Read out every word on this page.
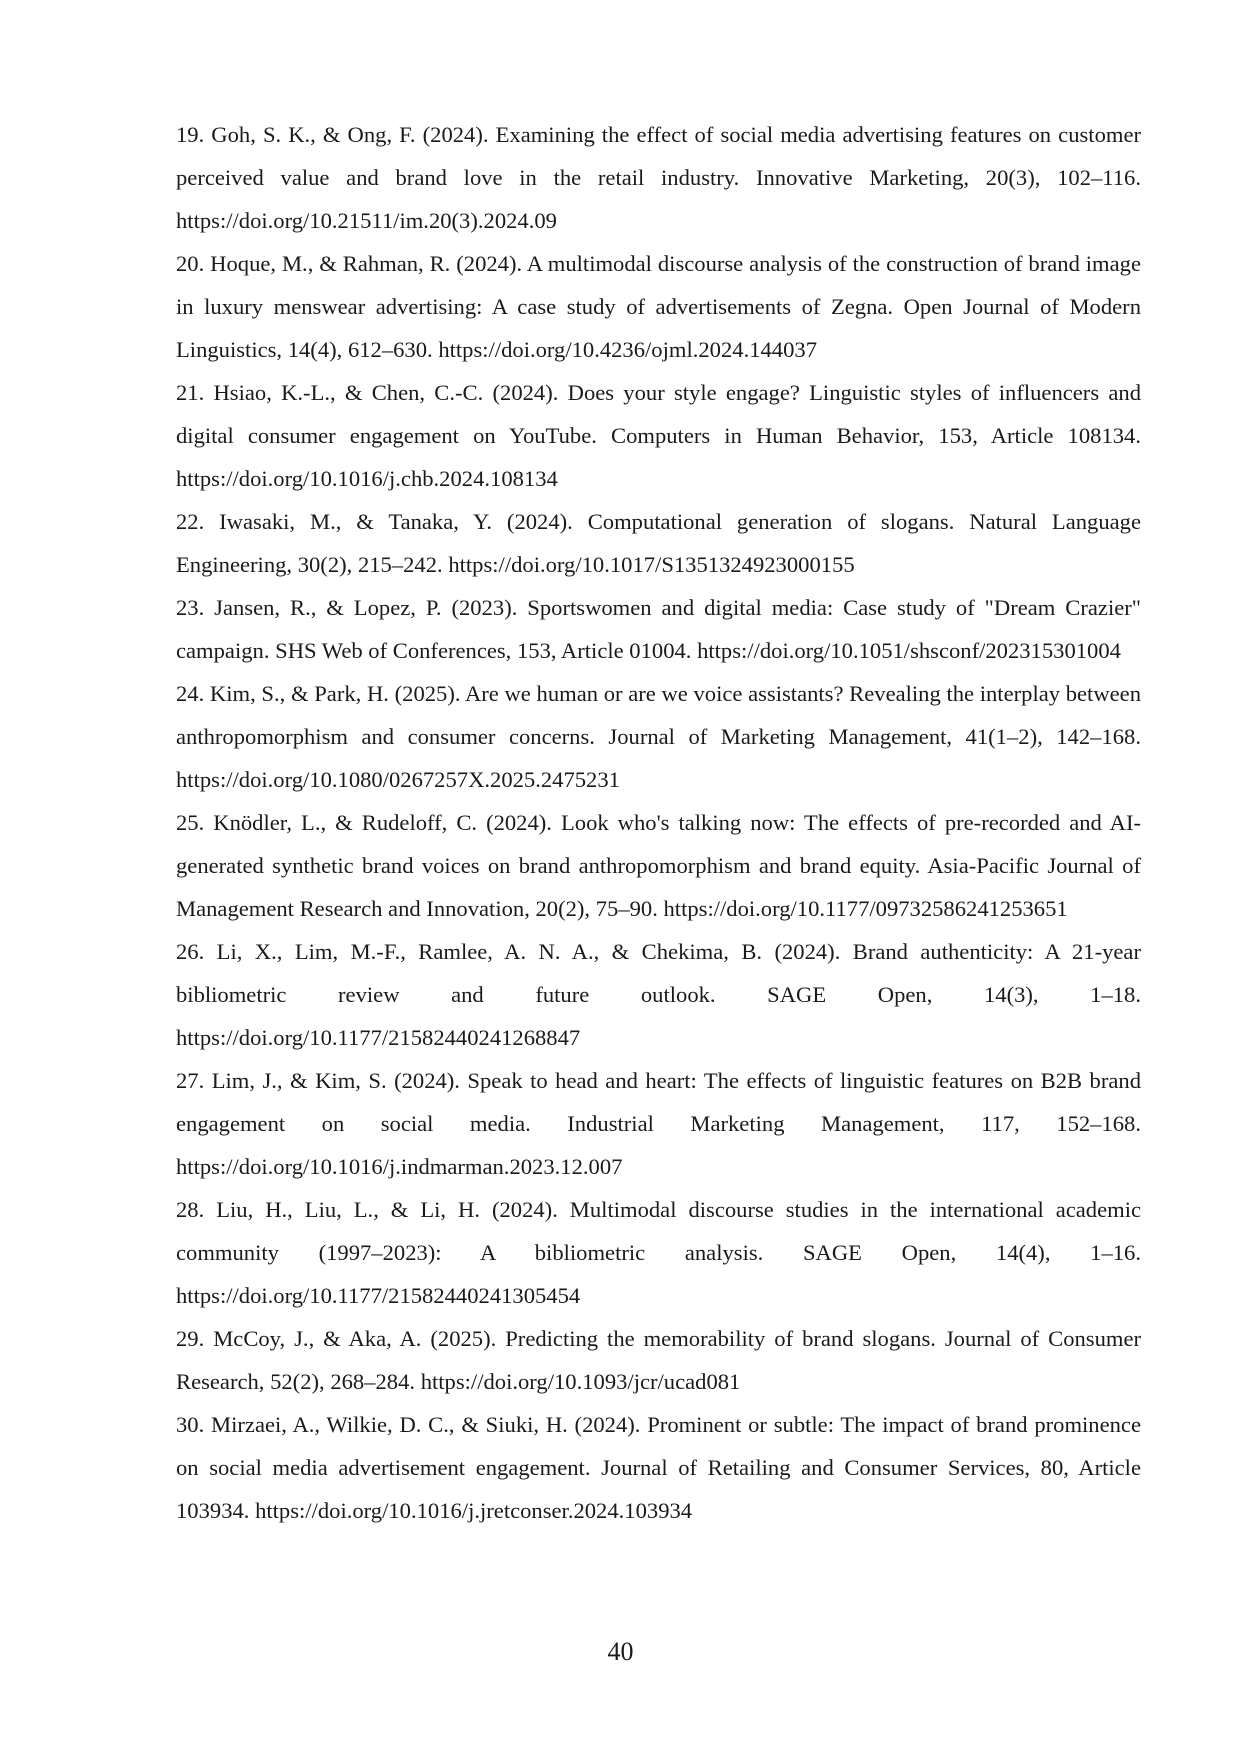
19. Goh, S. K., & Ong, F. (2024). Examining the effect of social media advertising features on customer perceived value and brand love in the retail industry. Innovative Marketing, 20(3), 102–116. https://doi.org/10.21511/im.20(3).2024.09

20. Hoque, M., & Rahman, R. (2024). A multimodal discourse analysis of the construction of brand image in luxury menswear advertising: A case study of advertisements of Zegna. Open Journal of Modern Linguistics, 14(4), 612–630. https://doi.org/10.4236/ojml.2024.144037

21. Hsiao, K.-L., & Chen, C.-C. (2024). Does your style engage? Linguistic styles of influencers and digital consumer engagement on YouTube. Computers in Human Behavior, 153, Article 108134. https://doi.org/10.1016/j.chb.2024.108134

22. Iwasaki, M., & Tanaka, Y. (2024). Computational generation of slogans. Natural Language Engineering, 30(2), 215–242. https://doi.org/10.1017/S1351324923000155

23. Jansen, R., & Lopez, P. (2023). Sportswomen and digital media: Case study of "Dream Crazier" campaign. SHS Web of Conferences, 153, Article 01004. https://doi.org/10.1051/shsconf/202315301004

24. Kim, S., & Park, H. (2025). Are we human or are we voice assistants? Revealing the interplay between anthropomorphism and consumer concerns. Journal of Marketing Management, 41(1–2), 142–168. https://doi.org/10.1080/0267257X.2025.2475231

25. Knödler, L., & Rudeloff, C. (2024). Look who's talking now: The effects of pre-recorded and AI-generated synthetic brand voices on brand anthropomorphism and brand equity. Asia-Pacific Journal of Management Research and Innovation, 20(2), 75–90. https://doi.org/10.1177/09732586241253651

26. Li, X., Lim, M.-F., Ramlee, A. N. A., & Chekima, B. (2024). Brand authenticity: A 21-year bibliometric review and future outlook. SAGE Open, 14(3), 1–18. https://doi.org/10.1177/21582440241268847

27. Lim, J., & Kim, S. (2024). Speak to head and heart: The effects of linguistic features on B2B brand engagement on social media. Industrial Marketing Management, 117, 152–168. https://doi.org/10.1016/j.indmarman.2023.12.007

28. Liu, H., Liu, L., & Li, H. (2024). Multimodal discourse studies in the international academic community (1997–2023): A bibliometric analysis. SAGE Open, 14(4), 1–16. https://doi.org/10.1177/21582440241305454

29. McCoy, J., & Aka, A. (2025). Predicting the memorability of brand slogans. Journal of Consumer Research, 52(2), 268–284. https://doi.org/10.1093/jcr/ucad081

30. Mirzaei, A., Wilkie, D. C., & Siuki, H. (2024). Prominent or subtle: The impact of brand prominence on social media advertisement engagement. Journal of Retailing and Consumer Services, 80, Article 103934. https://doi.org/10.1016/j.jretconser.2024.103934

40
